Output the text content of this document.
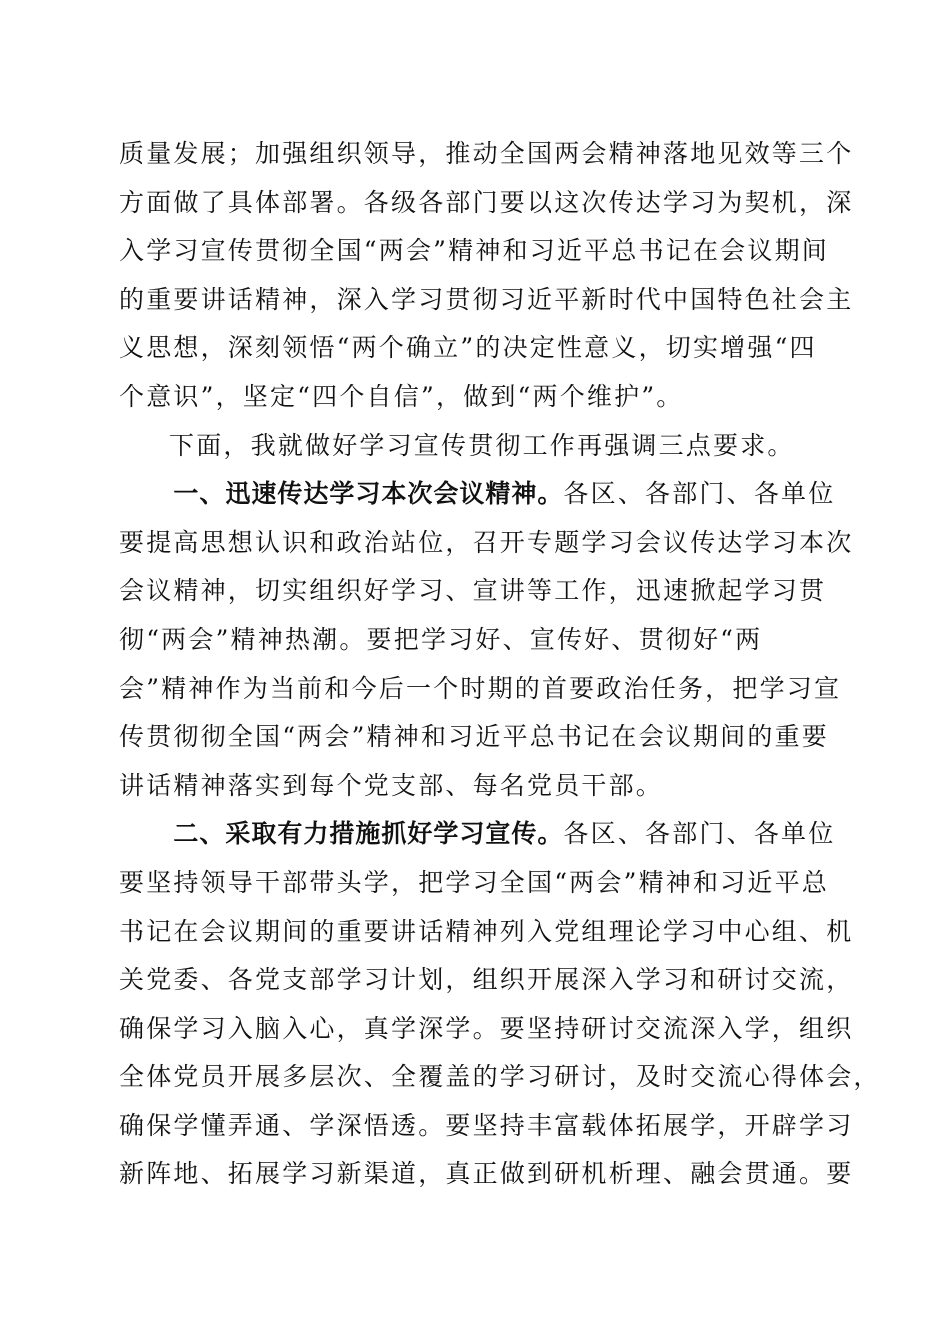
质量发展；加强组织领导，推动全国两会精神落地见效等三个
方面做了具体部署。各级各部门要以这次传达学习为契机，深
入学习宣传贯彻全国“两会”精神和习近平总书记在会议期间
的重要讲话精神，深入学习贯彻习近平新时代中国特色社会主
义思想，深刻领悟“两个确立”的决定性意义，切实增强“四
个意识”，坚定“四个自信”，做到“两个维护”。

下面，我就做好学习宣传贯彻工作再强调三点要求。

  一、迅速传达学习本次会议精神。各区、各部门、各单位
要提高思想认识和政治站位，召开专题学习会议传达学习本次
会议精神，切实组织好学习、宣讲等工作，迅速掀起学习贯
彻“两会”精神热潮。要把学习好、宣传好、贯彻好“两
会”精神作为当前和今后一个时期的首要政治任务，把学习宣
传贯彻彻全国“两会”精神和习近平总书记在会议期间的重要
讲话精神落实到每个党支部、每名党员干部。

  二、采取有力措施抓好学习宣传。各区、各部门、各单位
要坚持领导干部带头学，把学习全国“两会”精神和习近平总
书记在会议期间的重要讲话精神列入党组理论学习中心组、机
关党委、各党支部学习计划，组织开展深入学习和研讨交流，
确保学习入脑入心，真学深学。要坚持研讨交流深入学，组织
全体党员开展多层次、全覆盖的学习研讨，及时交流心得体会，
确保学懂弄通、学深悟透。要坚持丰富载体拓展学，开辟学习
新阵地、拓展学习新渠道，真正做到研机析理、融会贯通。要
